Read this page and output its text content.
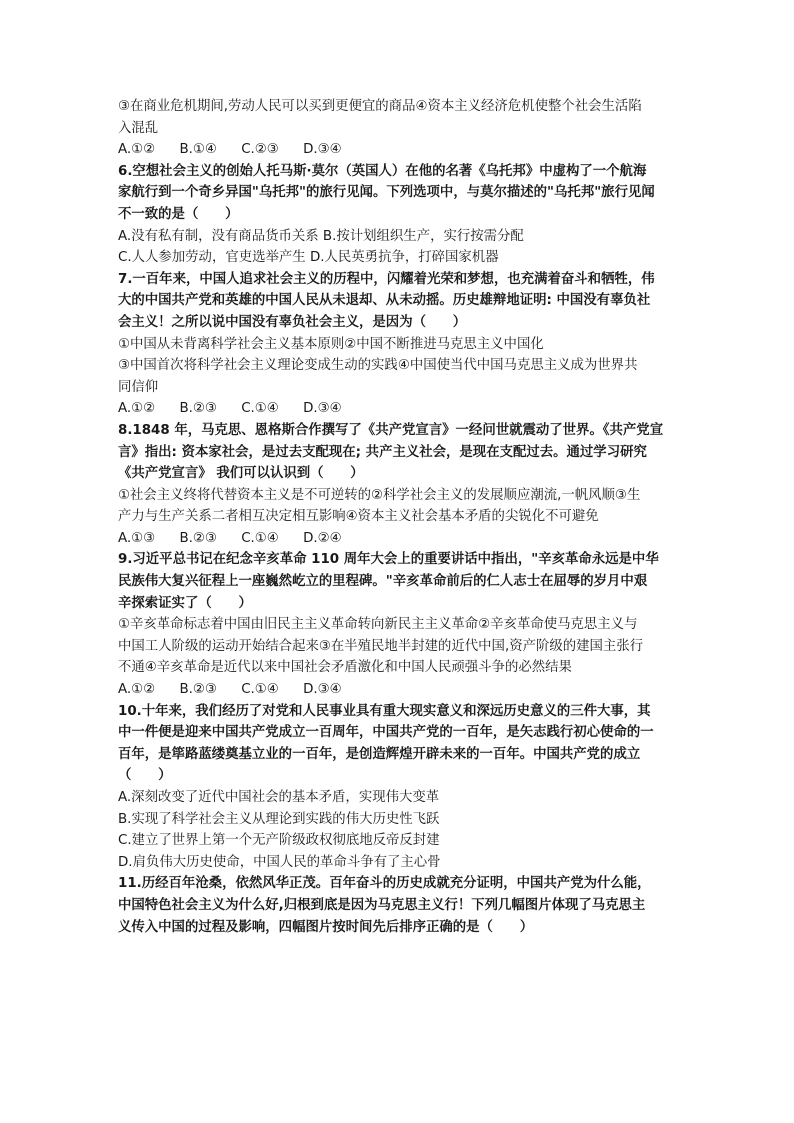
③在商业危机期间,劳动人民可以买到更便宜的商品④资本主义经济危机使整个社会生活陷
入混乱
A.①② B.①④ C.②③ D.③④
6.空想社会主义的创始人托马斯·莫尔（英国人）在他的名著《乌托邦》中虚构了一个航海
家航行到一个奇乡异国"乌托邦"的旅行见闻。下列选项中，与莫尔描述的"乌托邦"旅行见闻
不一致的是（　　）
A.没有私有制，没有商品货币关系 B.按计划组织生产，实行按需分配
C.人人参加劳动，官吏选举产生 D.人民英勇抗争，打碎国家机器
7.一百年来，中国人追求社会主义的历程中，闪耀着光荣和梦想，也充满着奋斗和牺牲，伟
大的中国共产党和英雄的中国人民从未退却、从未动摇。历史雄辩地证明: 中国没有辜负社
会主义！之所以说中国没有辜负社会主义，是因为（　　）
①中国从未背离科学社会主义基本原则②中国不断推进马克思主义中国化
③中国首次将科学社会主义理论变成生动的实践④中国使当代中国马克思主义成为世界共
同信仰
A.①② B.②③ C.①④ D.③④
8.1848 年，马克思、恩格斯合作撰写了《共产党宣言》一经问世就震动了世界。《共产党宣
言》指出: 资本家社会，是过去支配现在; 共产主义社会，是现在支配过去。通过学习研究
《共产党宣言》 我们可以认识到（　　）
①社会主义终将代替资本主义是不可逆转的②科学社会主义的发展顺应潮流,一帆风顺③生
产力与生产关系二者相互决定相互影响④资本主义社会基本矛盾的尖锐化不可避免
A.①③ B.②③ C.①④ D.②④
9.习近平总书记在纪念辛亥革命 110 周年大会上的重要讲话中指出，"辛亥革命永远是中华
民族伟大复兴征程上一座巍然屹立的里程碑。"辛亥革命前后的仁人志士在屈辱的岁月中艰
辛探索证实了（　　）
①辛亥革命标志着中国由旧民主主义革命转向新民主主义革命②辛亥革命使马克思主义与
中国工人阶级的运动开始结合起来③在半殖民地半封建的近代中国,资产阶级的建国主张行
不通④辛亥革命是近代以来中国社会矛盾激化和中国人民顽强斗争的必然结果
A.①② B.②③ C.①④ D.③④
10.十年来，我们经历了对党和人民事业具有重大现实意义和深远历史意义的三件大事，其
中一件便是迎来中国共产党成立一百周年，中国共产党的一百年，是矢志践行初心使命的一
百年，是筚路蓝缕奠基立业的一百年，是创造辉煌开辟未来的一百年。中国共产党的成立
（　　）
A.深刻改变了近代中国社会的基本矛盾，实现伟大变革
B.实现了科学社会主义从理论到实践的伟大历史性飞跃
C.建立了世界上第一个无产阶级政权彻底地反帝反封建
D.肩负伟大历史使命，中国人民的革命斗争有了主心骨
11.历经百年沧桑，依然风华正茂。百年奋斗的历史成就充分证明，中国共产党为什么能，
中国特色社会主义为什么好,归根到底是因为马克思主义行！下列几幅图片体现了马克思主
义传入中国的过程及影响，四幅图片按时间先后排序正确的是（　　）
